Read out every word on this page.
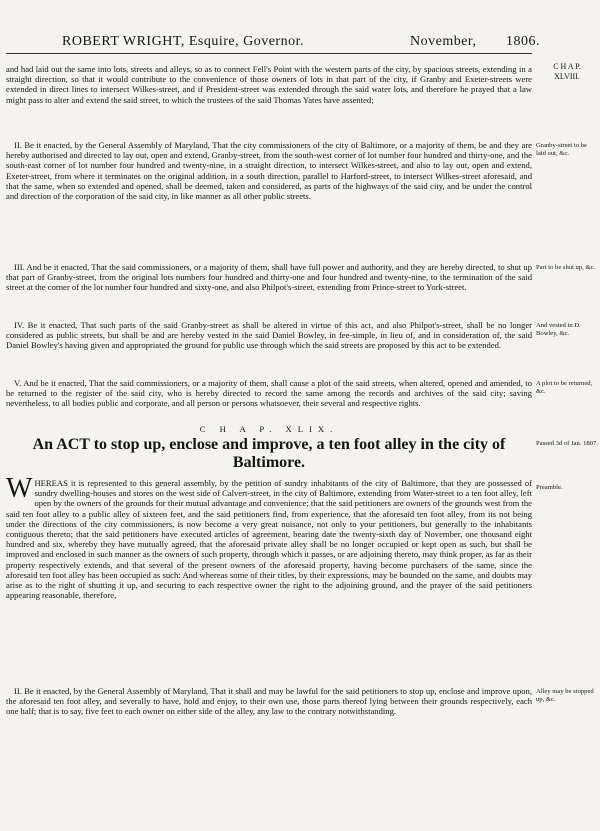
ROBERT WRIGHT, Esquire, Governor.	November, 1806.
C H A P.
XLVIII.

and had laid out the same into lots, streets and alleys, so as to connect Fell's Point with the western parts of the city, by spacious streets, extending in a straight direction, so that it would contribute to the convenience of those owners of lots in that part of the city, if Granby and Exeter-streets were extended in direct lines to intersect Wilkes-street, and if President-street was extended through the said water lots, and therefore he prayed that a law might pass to alter and extend the said street, to which the trustees of the said Thomas Yates have assented;

II. Be it enacted, by the General Assembly of Maryland, That the city commissioners of the city of Baltimore, or a majority of them, be and they are hereby authorised and directed to lay out, open and extend, Granby-street, from the south-west corner of lot number four hundred and thirty-one, and the south-east corner of lot number four hundred and twenty-nine, in a straight direction, to intersect Wilkes-street, and also to lay out, open and extend, Exeter-street, from where it terminates on the original addition, in a south direction, parallel to Harford-street, to intersect Wilkes-street aforesaid, and that the same, when so extended and opened, shall be deemed, taken and considered, as parts of the highways of the said city, and be under the control and direction of the corporation of the said city, in like manner as all other public streets.

Granby-street to be laid out, &c.

III. And be it enacted, That the said commissioners, or a majority of them, shall have full power and authority, and they are hereby directed, to shut up that part of Granby-street, from the original lots numbers four hundred and thirty-one and four hundred and twenty-nine, to the termination of the said street at the corner of the lot number four hundred and sixty-one, and also Philpot's-street, extending from Prince-street to York-street.

Part to be shut up, &c.

IV. Be it enacted, That such parts of the said Granby-street as shall be altered in virtue of this act, and also Philpot's-street, shall be no longer considered as public streets, but shall be and are hereby vested in the said Daniel Bowley, in fee-simple, in lieu of, and in consideration of, the said Daniel Bowley's having given and appropriated the ground for public use through which the said streets are proposed by this act to be extended.

And vested in D. Bowley, &c.

V. And be it enacted, That the said commissioners, or a majority of them, shall cause a plot of the said streets, when altered, opened and amended, to be returned to the register of the said city, who is hereby directed to record the same among the records and archives of the said city; saving nevertheless, to all bodies public and corporate, and all person or persons whatsoever, their several and respective rights.

A plot to be returned, &c.
C H A P. XLIX.
An ACT to stop up, enclose and improve, a ten foot alley in the city of Baltimore.
Passed 3d of Jan. 1807.

WHEREAS it is represented to this general assembly, by the petition of sundry inhabitants of the city of Baltimore, that they are possessed of sundry dwelling-houses and stores on the west side of Calvert-street, in the city of Baltimore, extending from Water-street to a ten foot alley, left open by the owners of the grounds for their mutual advantage and convenience; that the said petitioners are owners of the grounds west from the said ten foot alley to a public alley of sixteen feet, and the said petitioners find, from experience, that the aforesaid ten foot alley, from its not being under the directions of the city commissioners, is now become a very great nuisance, not only to your petitioners, but generally to the inhabitants contiguous thereto; that the said petitioners have executed articles of agreement, bearing date the twenty-sixth day of November, one thousand eight hundred and six, whereby they have mutually agreed, that the aforesaid private alley shall be no longer occupied or kept open as such, but shall be improved and enclosed in such manner as the owners of such property, through which it passes, or are adjoining thereto, may think proper, as far as their property respectively extends, and that several of the present owners of the aforesaid property, having become purchasers of the same, since the aforesaid ten foot alley has been occupied as such: And whereas some of their titles, by their expressions, may be bounded on the same, and doubts may arise as to the right of shutting it up, and securing to each respective owner the right to the adjoining ground, and the prayer of the said petitioners appearing reasonable, therefore,

Preamble.

II. Be it enacted, by the General Assembly of Maryland, That it shall and may be lawful for the said petitioners to stop up, enclose and improve upon, the aforesaid ten foot alley, and severally to have, hold and enjoy, to their own use, those parts thereof lying between their grounds respectively, each one half; that is to say, five feet to each owner on either side of the alley, any law to the contrary notwithstanding.

Alley may be stopped up, &c.
